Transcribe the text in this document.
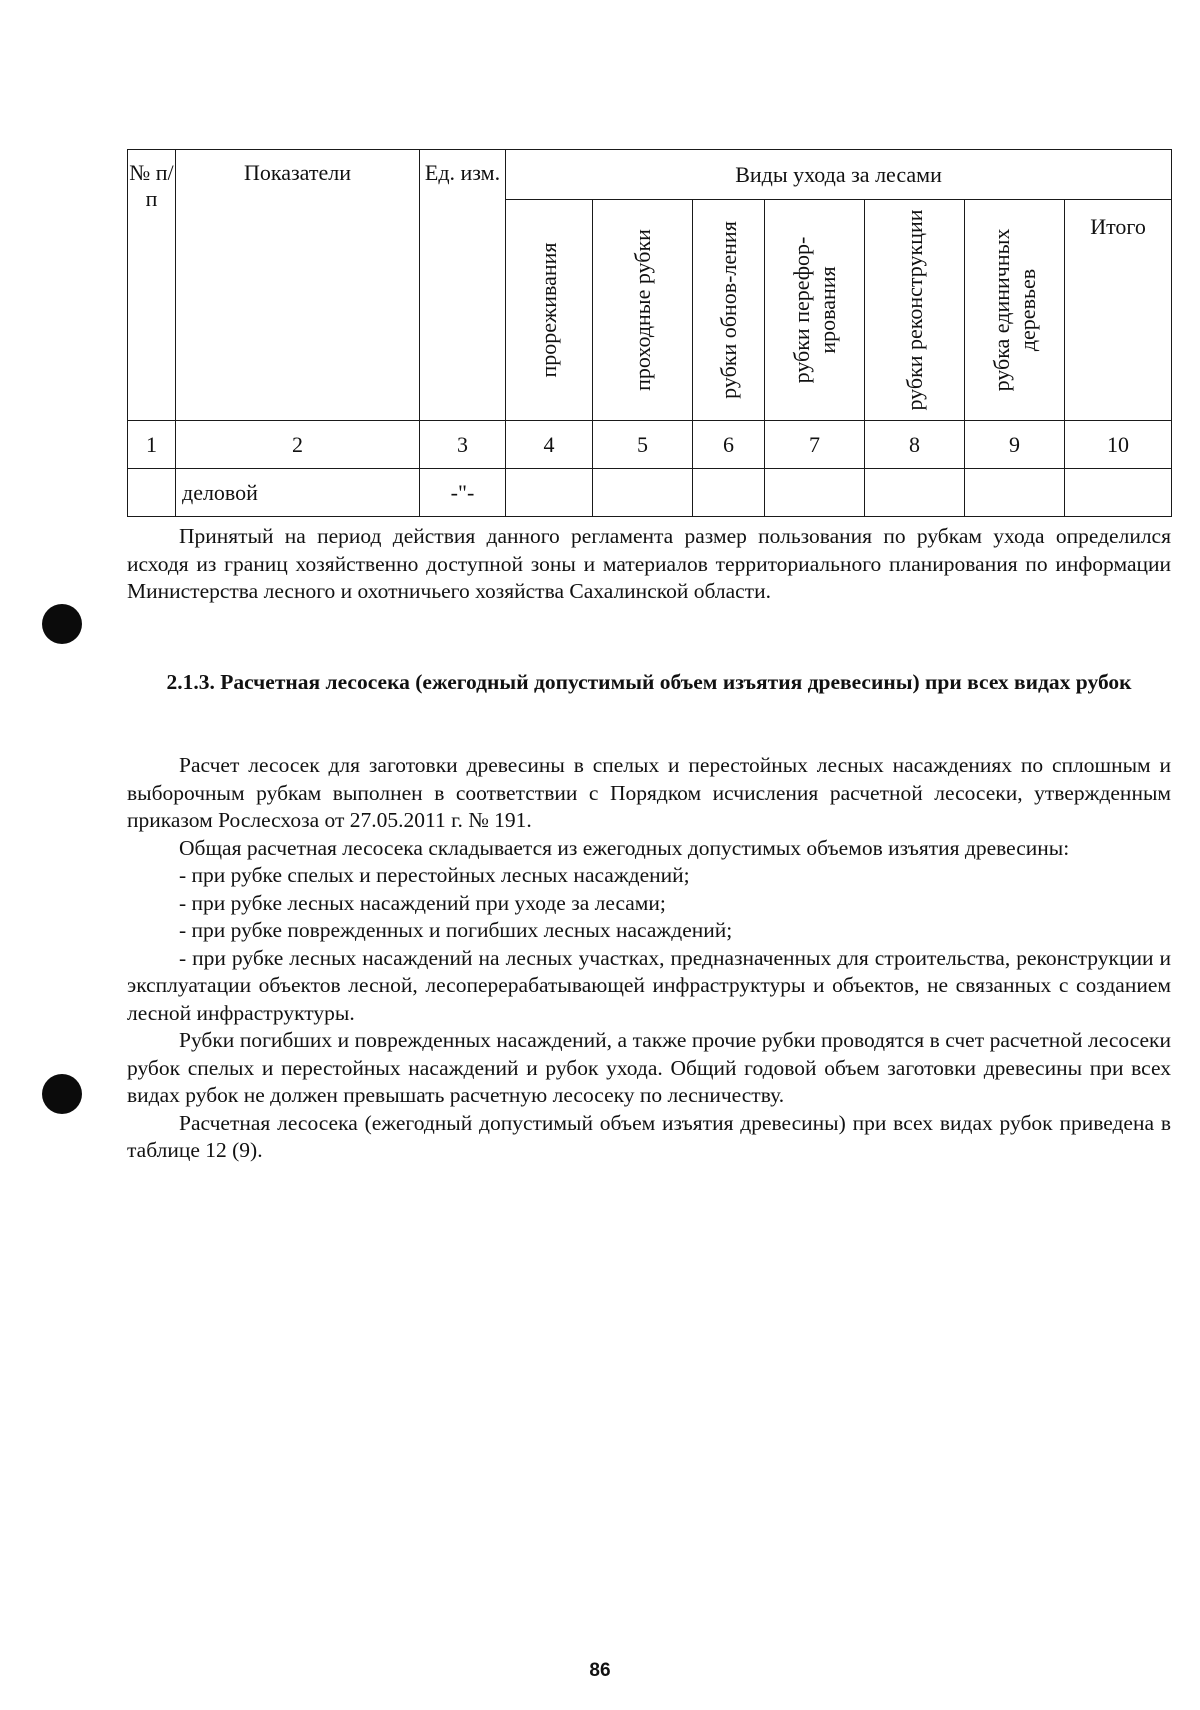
№ п/п	Показатели	Ед. изм.	Виды ухода за лесами						

			прореживания	проходные рубки	рубки обнов-ления	рубки перефор-ирования	рубки реконструкции	рубка единичных деревьев	Итого
1	2	3	4	5	6	7	8	9	10
	деловой	-"-							

Принятый на период действия данного регламента размер пользования по рубкам ухода определился исходя из границ хозяйственно доступной зоны и материалов территориального планирования по информации Министерства лесного и охотничьего хозяйства Сахалинской области.

2.1.3. Расчетная лесосека (ежегодный допустимый объем изъятия древесины) при всех видах рубок

Расчет лесосек для заготовки древесины в спелых и перестойных лесных насаждениях по сплошным и выборочным рубкам выполнен в соответствии с Порядком исчисления расчетной лесосеки, утвержденным приказом Рослесхоза от 27.05.2011 г. № 191.

Общая расчетная лесосека складывается из ежегодных допустимых объемов изъятия древесины:

- при рубке спелых и перестойных лесных насаждений;

- при рубке лесных насаждений при уходе за лесами;

- при рубке поврежденных и погибших лесных насаждений;

- при рубке лесных насаждений на лесных участках, предназначенных для строительства, реконструкции и эксплуатации объектов лесной, лесоперерабатывающей инфраструктуры и объектов, не связанных с созданием лесной инфраструктуры.

Рубки погибших и поврежденных насаждений, а также прочие рубки проводятся в счет расчетной лесосеки рубок спелых и перестойных насаждений и рубок ухода. Общий годовой объем заготовки древесины при всех видах рубок не должен превышать расчетную лесосеку по лесничеству.

Расчетная лесосека (ежегодный допустимый объем изъятия древесины) при всех видах рубок приведена в таблице 12 (9).

86
